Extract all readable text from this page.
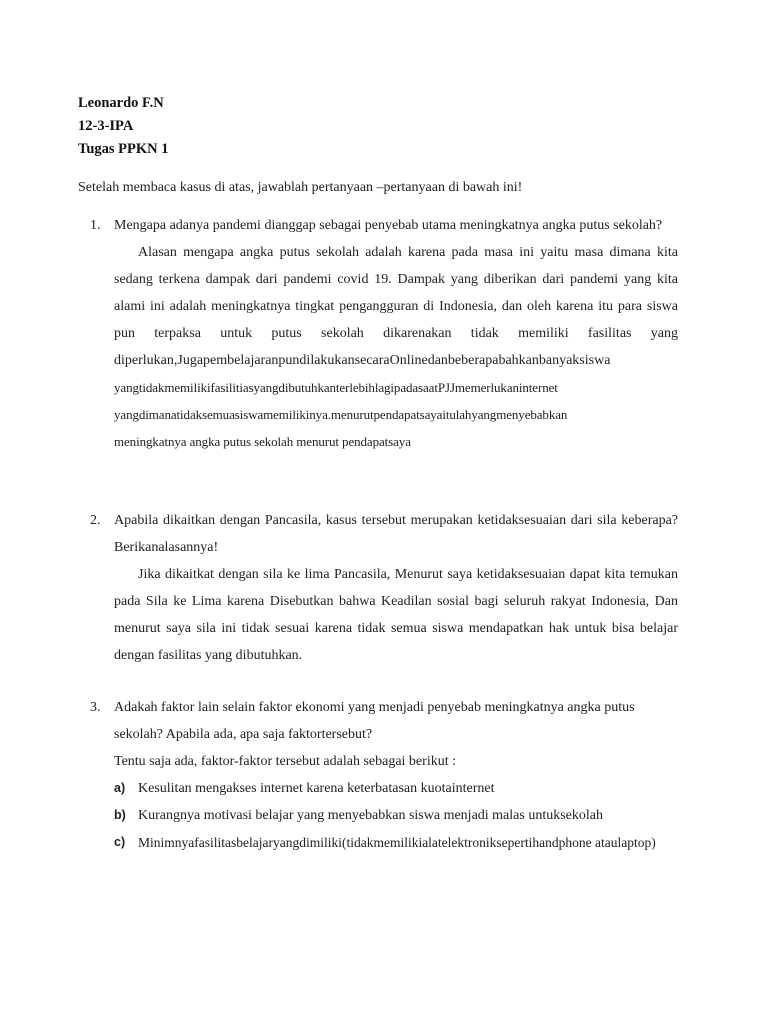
Leonardo F.N
12-3-IPA
Tugas PPKN 1
Setelah membaca kasus di atas, jawablah pertanyaan –pertanyaan di bawah ini!
1. Mengapa adanya pandemi dianggap sebagai penyebab utama meningkatnya angka putus sekolah?

Alasan mengapa angka putus sekolah adalah karena pada masa ini yaitu masa dimana kita sedang terkena dampak dari pandemi covid 19. Dampak yang diberikan dari pandemi yang kita alami ini adalah meningkatnya tingkat pengangguran di Indonesia, dan oleh karena itu para siswa pun terpaksa untuk putus sekolah dikarenakan tidak memiliki fasilitas yang diperlukan,JugapembelajaranpundilakukansecaraOnlinedanbeberapabahkanbanyaksiswa

yangtidakmemilikifasilitiasyangdibutuhkanterlebihlagipadasaatPJJmemerlukaninternet

yangdimanatidaksemuasiswamemilikinya.menurutpendapatsayaitulahyangmenyebabkan

meningkatnya angka putus sekolah menurut pendapatsaya

2. Apabila dikaitkan dengan Pancasila, kasus tersebut merupakan ketidaksesuaian dari sila keberapa? Berikanalasannya!

Jika dikaitkat dengan sila ke lima Pancasila, Menurut saya ketidaksesuaian dapat kita temukan pada Sila ke Lima karena Disebutkan bahwa Keadilan sosial bagi seluruh rakyat Indonesia, Dan menurut saya sila ini tidak sesuai karena tidak semua siswa mendapatkan hak untuk bisa belajar dengan fasilitas yang dibutuhkan.

3. Adakah faktor lain selain faktor ekonomi yang menjadi penyebab meningkatnya angka putus sekolah? Apabila ada, apa saja faktortersebut?

Tentu saja ada, faktor-faktor tersebut adalah sebagai berikut :

a) Kesulitan mengakses internet karena keterbatasan kuotainternet
b) Kurangnya motivasi belajar yang menyebabkan siswa menjadi malas untuksekolah
c) Minimnyafasilitasbelajaryangdimiliki(tidakmemilikialatelektroniksepertihandphone ataulaptop)
